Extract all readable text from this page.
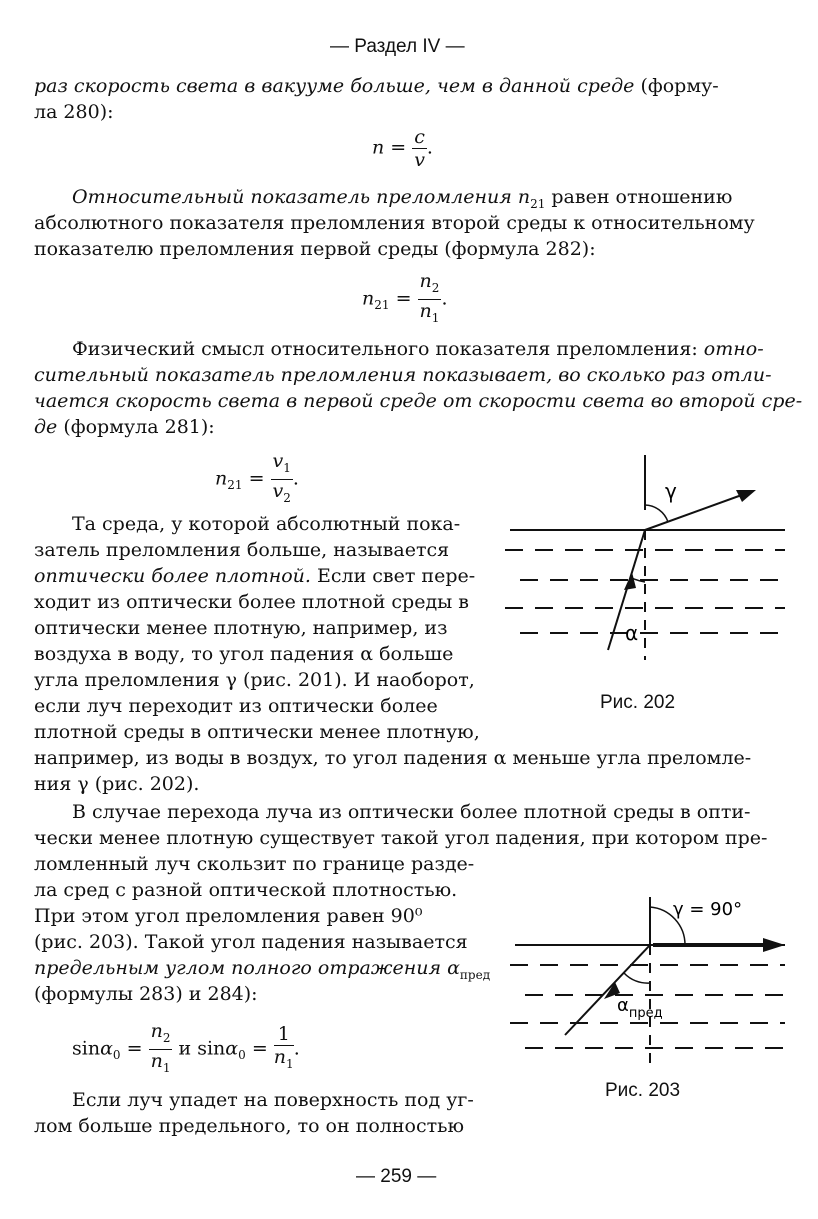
— Раздел IV —
раз скорость света в вакууме больше, чем в данной среде (форму-
ла 280):
$n = \frac{c}{v}$ .
Относительный показатель преломления $n_{21}$ равен отношению
абсолютного показателя преломления второй среды к относительному
показателю преломления первой среды (формула 282):
$n_{21} = \frac{n_2}{n_1}$ .
Физический смысл относительного показателя преломления: отно-
сительный показатель преломления показывает, во сколько раз отли-
чается скорость света в первой среде от скорости света во второй сре-
де (формула 281):
$n_{21} = \frac{v_1}{v_2}$ .
Та среда, у которой абсолютный пока-
затель преломления больше, называется
оптически более плотной. Если свет пере-
ходит из оптически более плотной среды в
оптически менее плотную, например, из
воздуха в воду, то угол падения α больше
угла преломления γ (рис. 201). И наоборот,
если луч переходит из оптически более
плотной среды в оптически менее плотную,
например, из воды в воздух, то угол падения α меньше угла преломле-
ния γ (рис. 202).
γ
α
Рис. 202
В случае перехода луча из оптически более плотной среды в опти-
чески менее плотную существует такой угол падения, при котором пре-
ломленный луч скользит по границе разде-
ла сред с разной оптической плотностью.
При этом угол преломления равен 90⁰
(рис. 203). Такой угол падения называется
предельным углом полного отражения $\alpha_{пред}$
(формулы 283) и 284):
$\sin\alpha_0 = \frac{n_2}{n_1}$ и $\sin\alpha_0 = \frac{1}{n_1}$ .
γ = 90°
$\alpha_{пред}$
Рис. 203
Если луч упадет на поверхность под уг-
лом больше предельного, то он полностью
— 259 —
